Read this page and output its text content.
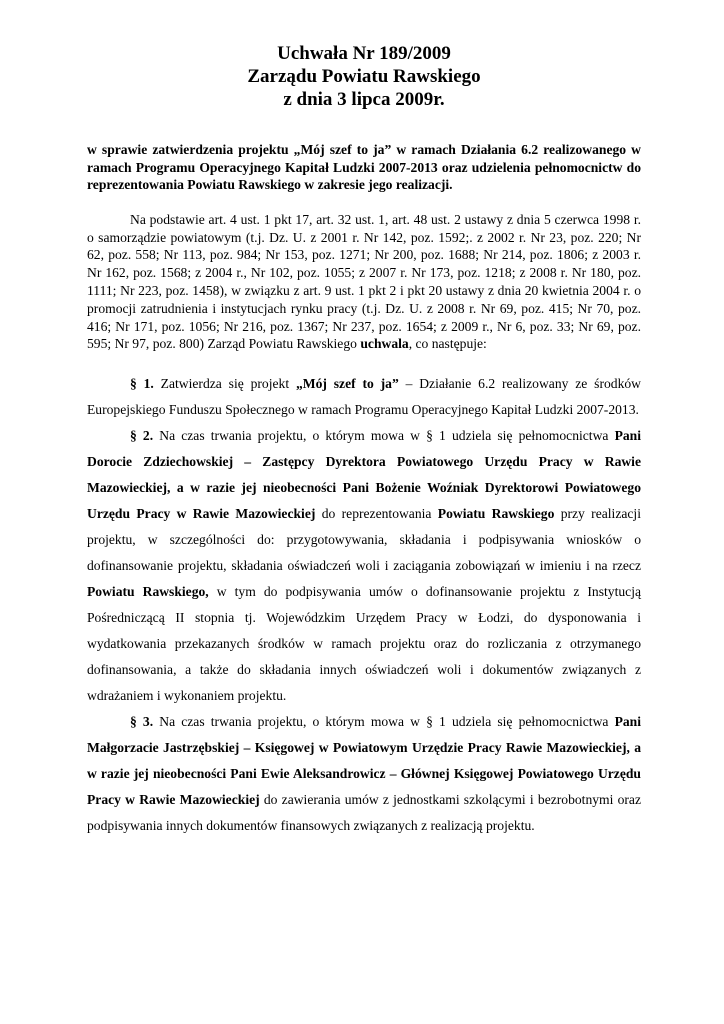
Uchwała Nr 189/2009

Zarządu Powiatu Rawskiego

z dnia 3 lipca 2009r.

w sprawie zatwierdzenia projektu „Mój szef to ja” w ramach Działania 6.2 realizowanego w ramach Programu Operacyjnego Kapitał Ludzki 2007-2013 oraz udzielenia pełnomocnictw do reprezentowania Powiatu Rawskiego w zakresie jego realizacji.
Na podstawie art. 4 ust. 1 pkt 17, art. 32 ust. 1, art. 48 ust. 2 ustawy z dnia 5 czerwca 1998 r. o samorządzie powiatowym (t.j. Dz. U. z 2001 r. Nr 142, poz. 1592;. z 2002 r. Nr 23, poz. 220; Nr 62, poz. 558; Nr 113, poz. 984; Nr 153, poz. 1271; Nr 200, poz. 1688; Nr 214, poz. 1806; z 2003 r. Nr 162, poz. 1568; z 2004 r., Nr 102, poz. 1055; z 2007 r. Nr 173, poz. 1218; z 2008 r. Nr 180, poz. 1111; Nr 223, poz. 1458), w związku z art. 9 ust. 1 pkt 2 i pkt 20 ustawy z dnia 20 kwietnia 2004 r. o promocji zatrudnienia i instytucjach rynku pracy (t.j. Dz. U. z 2008 r. Nr 69, poz. 415; Nr 70, poz. 416; Nr 171, poz. 1056; Nr 216, poz. 1367; Nr 237, poz. 1654; z 2009 r., Nr 6, poz. 33; Nr 69, poz. 595; Nr 97, poz. 800) Zarząd Powiatu Rawskiego uchwala, co następuje:
§ 1. Zatwierdza się projekt „Mój szef to ja” – Działanie 6.2 realizowany ze środków Europejskiego Funduszu Społecznego w ramach Programu Operacyjnego Kapitał Ludzki 2007-2013.
§ 2. Na czas trwania projektu, o którym mowa w § 1 udziela się pełnomocnictwa Pani Dorocie Zdziechowskiej – Zastępcy Dyrektora Powiatowego Urzędu Pracy w Rawie Mazowieckiej, a w razie jej nieobecności Pani Bożenie Woźniak Dyrektorowi Powiatowego Urzędu Pracy w Rawie Mazowieckiej do reprezentowania Powiatu Rawskiego przy realizacji projektu, w szczególności do: przygotowywania, składania i podpisywania wniosków o dofinansowanie projektu, składania oświadczeń woli i zaciągania zobowiązań w imieniu i na rzecz Powiatu Rawskiego, w tym do podpisywania umów o dofinansowanie projektu z Instytucją Pośredniczącą II stopnia tj. Wojewódzkim Urzędem Pracy w Łodzi, do dysponowania i wydatkowania przekazanych środków w ramach projektu oraz do rozliczania z otrzymanego dofinansowania, a także do składania innych oświadczeń woli i dokumentów związanych z wdrażaniem i wykonaniem projektu.
§ 3. Na czas trwania projektu, o którym mowa w § 1 udziela się pełnomocnictwa Pani Małgorzacie Jastrzębskiej – Księgowej w Powiatowym Urzędzie Pracy Rawie Mazowieckiej, a w razie jej nieobecności Pani Ewie Aleksandrowicz – Głównej Księgowej Powiatowego Urzędu Pracy w Rawie Mazowieckiej do zawierania umów z jednostkami szkolącymi i bezrobotnymi oraz podpisywania innych dokumentów finansowych związanych z realizacją projektu.
